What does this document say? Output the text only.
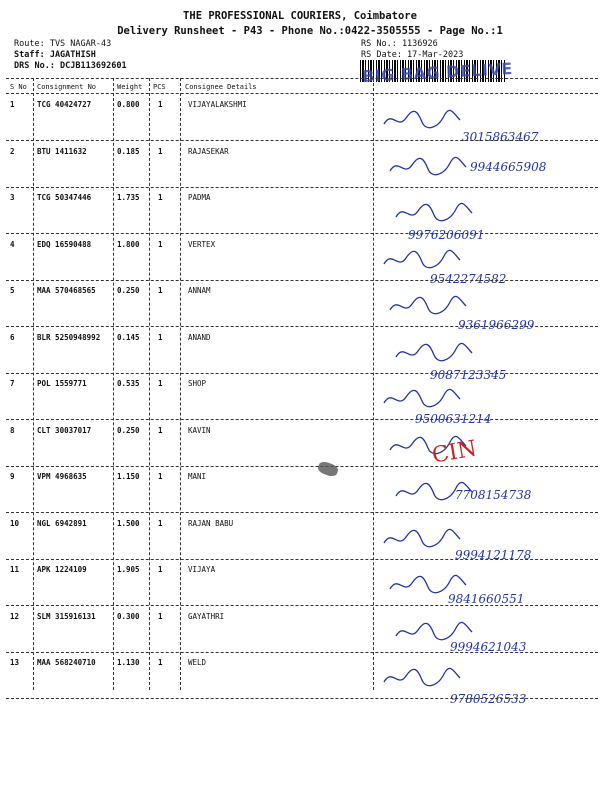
THE PROFESSIONAL COURIERS, Coimbatore
Delivery Runsheet - P43 - Phone No.:0422-3505555 - Page No.:1
Route: TVS NAGAR-43
Staff: JAGATHISH
DRS No.: DCJB113692601
RS No.: 1136926
RS Date: 17-Mar-2023
BIG BAG DELIVE
S No Consignment No	Weight PCS	Consignee Details
1	TCG 40424727	0.800 1	VIJAYALAKSHMI
3015863467
2	BTU 1411632	0.185 1	RAJASEKAR
9944665908
3	TCG 50347446	1.735 1	PADMA
9976206091
4	EDQ 16590488	1.800 1	VERTEX
9542274582
5	MAA 570468565	0.250 1	ANNAM
9361966299
6	BLR 5250948992 0.145 1	ANAND
9087123345
7	POL 1559771	0.535 1	SHOP
9500631214
8	CLT 30037017	0.250 1	KAVIN
9	VPM 4968635	1.150 1	MANI
7708154738
10 NGL 6942891	1.500 1	RAJAN BABU
9994121178
11 APK 1224109	1.905 1	VIJAYA
9841660551
12 SLM 315916131	0.300 1	GAYATHRI
9994621043
13 MAA 568240710	1.130 1	WELD
9780526533
CIN
